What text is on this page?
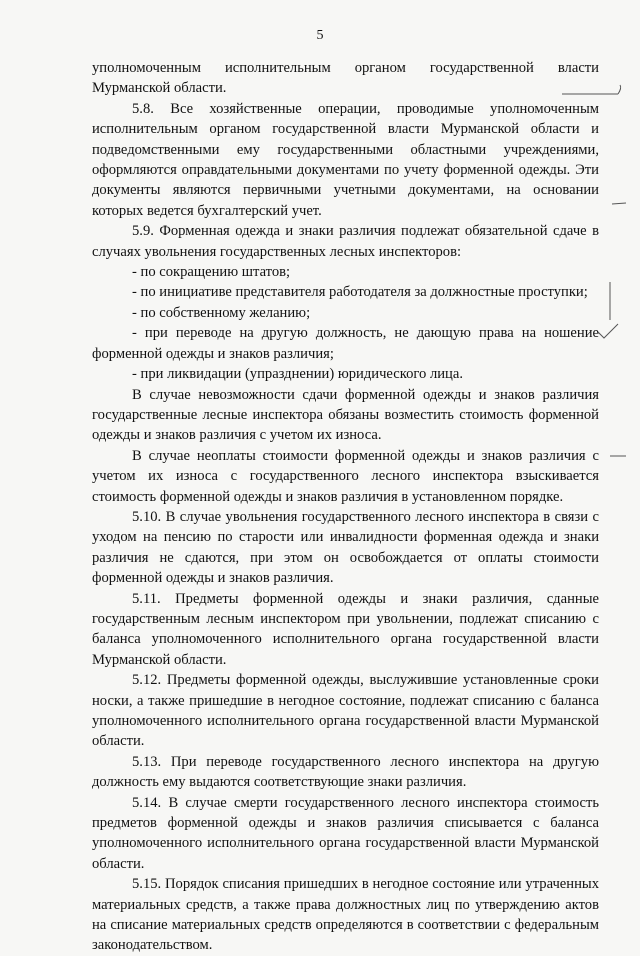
5

уполномоченным исполнительным органом государственной власти Мурманской области.

5.8. Все хозяйственные операции, проводимые уполномоченным исполнительным органом государственной власти Мурманской области и подведомственными ему государственными областными учреждениями, оформляются оправдательными документами по учету форменной одежды. Эти документы являются первичными учетными документами, на основании которых ведется бухгалтерский учет.

5.9. Форменная одежда и знаки различия подлежат обязательной сдаче в случаях увольнения государственных лесных инспекторов:

- по сокращению штатов;

- по инициативе представителя работодателя за должностные проступки;

- по собственному желанию;

- при переводе на другую должность, не дающую права на ношение форменной одежды и знаков различия;

- при ликвидации (упразднении) юридического лица.

В случае невозможности сдачи форменной одежды и знаков различия государственные лесные инспектора обязаны возместить стоимость форменной одежды и знаков различия с учетом их износа.

В случае неоплаты стоимости форменной одежды и знаков различия с учетом их износа с государственного лесного инспектора взыскивается стоимость форменной одежды и знаков различия в установленном порядке.

5.10. В случае увольнения государственного лесного инспектора в связи с уходом на пенсию по старости или инвалидности форменная одежда и знаки различия не сдаются, при этом он освобождается от оплаты стоимости форменной одежды и знаков различия.

5.11. Предметы форменной одежды и знаки различия, сданные государственным лесным инспектором при увольнении, подлежат списанию с баланса уполномоченного исполнительного органа государственной власти Мурманской области.

5.12. Предметы форменной одежды, выслужившие установленные сроки носки, а также пришедшие в негодное состояние, подлежат списанию с баланса уполномоченного исполнительного органа государственной власти Мурманской области.

5.13. При переводе государственного лесного инспектора на другую должность ему выдаются соответствующие знаки различия.

5.14. В случае смерти государственного лесного инспектора стоимость предметов форменной одежды и знаков различия списывается с баланса уполномоченного исполнительного органа государственной власти Мурманской области.

5.15. Порядок списания пришедших в негодное состояние или утраченных материальных средств, а также права должностных лиц по утверждению актов на списание материальных средств определяются в соответствии с федеральным законодательством.
